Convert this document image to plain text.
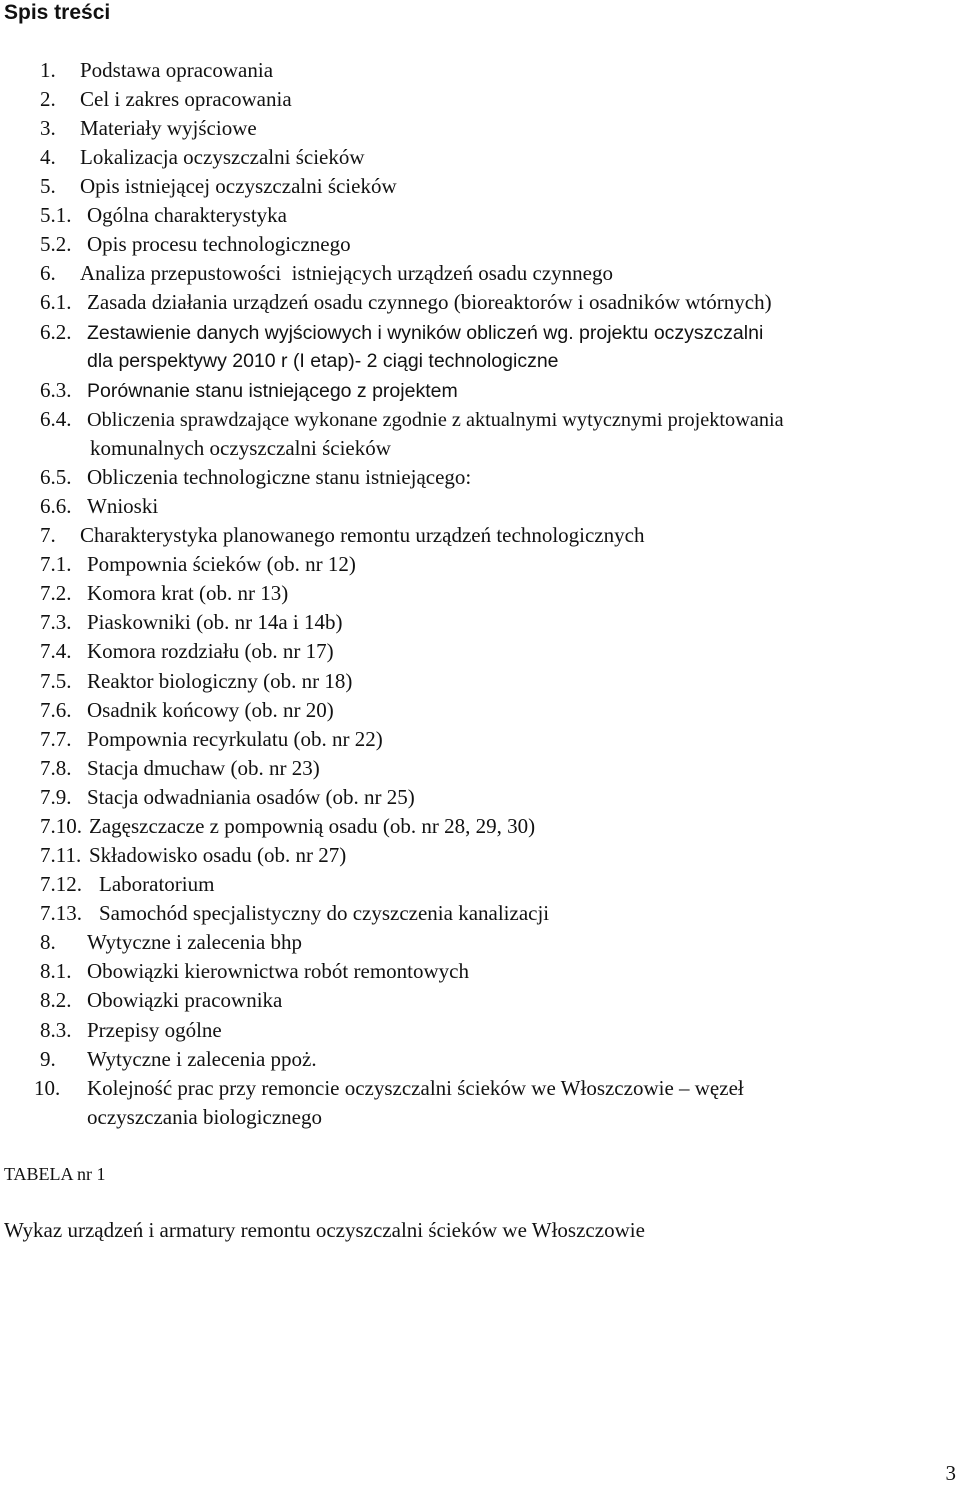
Spis treści
1. Podstawa opracowania
2. Cel i zakres opracowania
3. Materiały wyjściowe
4. Lokalizacja oczyszczalni ścieków
5. Opis istniejącej oczyszczalni ścieków
5.1. Ogólna charakterystyka
5.2. Opis procesu technologicznego
6. Analiza przepustowości  istniejących urządzeń osadu czynnego
6.1. Zasada działania urządzeń osadu czynnego (bioreaktorów i osadników wtórnych)
6.2. Zestawienie danych wyjściowych i wyników obliczeń wg. projektu oczyszczalni
dla perspektywy 2010 r (I etap)- 2 ciągi technologiczne
6.3. Porównanie stanu istniejącego z projektem
6.4. Obliczenia sprawdzające wykonane zgodnie z aktualnymi wytycznymi projektowania
komunalnych oczyszczalni ścieków
6.5. Obliczenia technologiczne stanu istniejącego:
6.6. Wnioski
7. Charakterystyka planowanego remontu urządzeń technologicznych
7.1. Pompownia ścieków (ob. nr 12)
7.2. Komora krat (ob. nr 13)
7.3. Piaskowniki (ob. nr 14a i 14b)
7.4. Komora rozdziału (ob. nr 17)
7.5. Reaktor biologiczny (ob. nr 18)
7.6. Osadnik końcowy (ob. nr 20)
7.7. Pompownia recyrkulatu (ob. nr 22)
7.8. Stacja dmuchaw (ob. nr 23)
7.9. Stacja odwadniania osadów (ob. nr 25)
7.10. Zagęszczacze z pompownią osadu (ob. nr 28, 29, 30)
7.11. Składowisko osadu (ob. nr 27)
7.12. Laboratorium
7.13. Samochód specjalistyczny do czyszczenia kanalizacji
8. Wytyczne i zalecenia bhp
8.1. Obowiązki kierownictwa robót remontowych
8.2. Obowiązki pracownika
8.3. Przepisy ogólne
9. Wytyczne i zalecenia ppoż.
10. Kolejność prac przy remoncie oczyszczalni ścieków we Włoszczowie – węzeł
oczyszczania biologicznego
TABELA nr 1
Wykaz urządzeń i armatury remontu oczyszczalni ścieków we Włoszczowie
3
